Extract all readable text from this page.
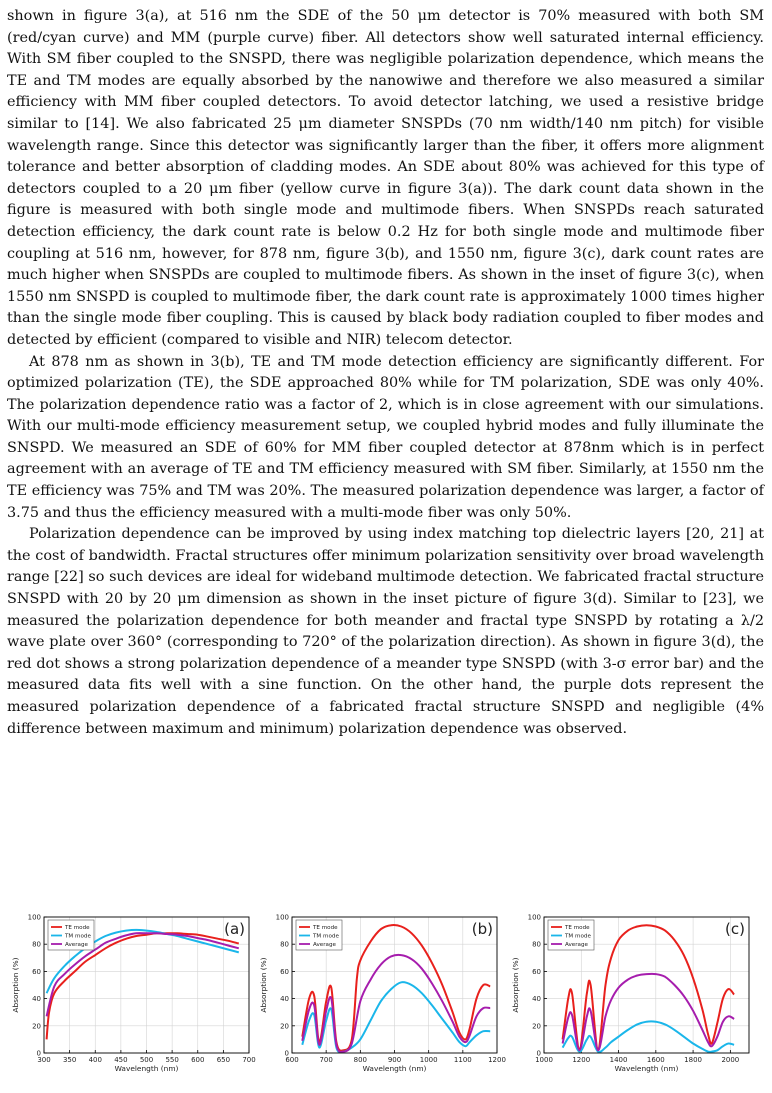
shown in figure 3(a), at 516 nm the SDE of the 50 μm detector is 70% measured with both SM (red/cyan curve) and MM (purple curve) fiber. All detectors show well saturated internal efficiency. With SM fiber coupled to the SNSPD, there was negligible polarization dependence, which means the TE and TM modes are equally absorbed by the nanowiwe and therefore we also measured a similar efficiency with MM fiber coupled detectors. To avoid detector latching, we used a resistive bridge similar to [14]. We also fabricated 25 μm diameter SNSPDs (70 nm width/140 nm pitch) for visible wavelength range. Since this detector was significantly larger than the fiber, it offers more alignment tolerance and better absorption of cladding modes. An SDE about 80% was achieved for this type of detectors coupled to a 20 μm fiber (yellow curve in figure 3(a)). The dark count data shown in the figure is measured with both single mode and multimode fibers. When SNSPDs reach saturated detection efficiency, the dark count rate is below 0.2 Hz for both single mode and multimode fiber coupling at 516 nm, however, for 878 nm, figure 3(b), and 1550 nm, figure 3(c), dark count rates are much higher when SNSPDs are coupled to multimode fibers. As shown in the inset of figure 3(c), when 1550 nm SNSPD is coupled to multimode fiber, the dark count rate is approximately 1000 times higher than the single mode fiber coupling. This is caused by black body radiation coupled to fiber modes and detected by efficient (compared to visible and NIR) telecom detector.

At 878 nm as shown in 3(b), TE and TM mode detection efficiency are significantly different. For optimized polarization (TE), the SDE approached 80% while for TM polarization, SDE was only 40%. The polarization dependence ratio was a factor of 2, which is in close agreement with our simulations. With our multi-mode efficiency measurement setup, we coupled hybrid modes and fully illuminate the SNSPD. We measured an SDE of 60% for MM fiber coupled detector at 878nm which is in perfect agreement with an average of TE and TM efficiency measured with SM fiber. Similarly, at 1550 nm the TE efficiency was 75% and TM was 20%. The measured polarization dependence was larger, a factor of 3.75 and thus the efficiency measured with a multi-mode fiber was only 50%.

Polarization dependence can be improved by using index matching top dielectric layers [20, 21] at the cost of bandwidth. Fractal structures offer minimum polarization sensitivity over broad wavelength range [22] so such devices are ideal for wideband multimode detection. We fabricated fractal structure SNSPD with 20 by 20 μm dimension as shown in the inset picture of figure 3(d). Similar to [23], we measured the polarization dependence for both meander and fractal type SNSPD by rotating a λ/2 wave plate over 360° (corresponding to 720° of the polarization direction). As shown in figure 3(d), the red dot shows a strong polarization dependence of a meander type SNSPD (with 3-σ error bar) and the measured data fits well with a sine function. On the other hand, the purple dots represent the measured polarization dependence of a fabricated fractal structure SNSPD and negligible (4% difference between maximum and minimum) polarization dependence was observed.

0
20
40
60
80
100
300 350 400 450 500 550 600 650 700
TE mode
TM mode
Average
(a)
Wavelength (nm)
Absorption (%)
0
20
40
60
80
100
600	700	800	900	1000 1100 1200
TE mode
TM mode
Average
(b)
Wavelength (nm)
Absorption (%)
0
20
40
60
80
100
1000	1200	1400	1600	1800	2000
TE mode
TM mode
Average
(c)
Wavelength (nm)
Absorption (%)
